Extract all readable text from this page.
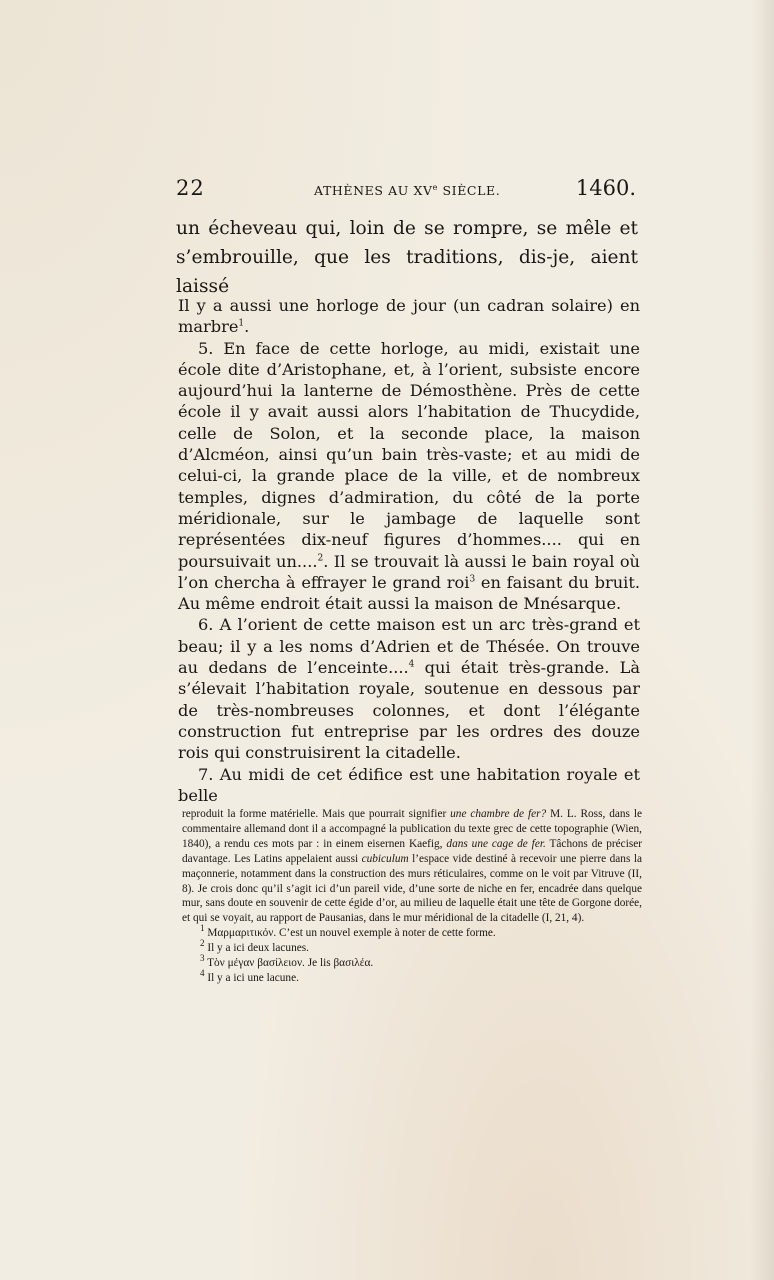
22	ATHÈNES AU XVe SIÈCLE.	1460.

un écheveau qui, loin de se rompre, se mêle et s’embrouille, que les traditions, dis-je, aient laissé

Il y a aussi une horloge de jour (un cadran solaire) en marbre$^1$.

5. En face de cette horloge, au midi, existait une école dite d’Aristophane, et, à l’orient, subsiste encore aujourd’hui la lanterne de Démosthène. Près de cette école il y avait aussi alors l’habitation de Thucydide, celle de Solon, et la seconde place, la maison d’Alcméon, ainsi qu’un bain très-vaste; et au midi de celui-ci, la grande place de la ville, et de nombreux temples, dignes d’admiration, du côté de la porte méridionale, sur le jambage de laquelle sont représentées dix-neuf figures d’hommes.... qui en poursuivait un....$^2$. Il se trouvait là aussi le bain royal où l’on chercha à effrayer le grand roi$^3$ en faisant du bruit. Au même endroit était aussi la maison de Mnésarque.

6. A l’orient de cette maison est un arc très-grand et beau; il y a les noms d’Adrien et de Thésée. On trouve au dedans de l’enceinte....$^4$ qui était très-grande. Là s’élevait l’habitation royale, soutenue en dessous par de très-nombreuses colonnes, et dont l’élégante construction fut entreprise par les ordres des douze rois qui construisirent la citadelle.

7. Au midi de cet édifice est une habitation royale et belle

reproduit la forme matérielle. Mais que pourrait signifier une chambre de fer? M. L. Ross, dans le commentaire allemand dont il a accompagné la publication du texte grec de cette topographie (Wien, 1840), a rendu ces mots par : in einem eisernen Kaefig, dans une cage de fer. Tâchons de préciser davantage. Les Latins appelaient aussi cubiculum l’espace vide destiné à recevoir une pierre dans la maçonnerie, notamment dans la construction des murs réticulaires, comme on le voit par Vitruve (II, 8). Je crois donc qu’il s’agit ici d’un pareil vide, d’une sorte de niche en fer, encadrée dans quelque mur, sans doute en souvenir de cette égide d’or, au milieu de laquelle était une tête de Gorgone dorée, et qui se voyait, au rapport de Pausanias, dans le mur méridional de la citadelle (I, 21, 4).

$^1$ Μαρμαριτικόν. C’est un nouvel exemple à noter de cette forme.

$^2$ Il y a ici deux lacunes.

$^3$ Τὸν μέγαν βασίλειον. Je lis βασιλέα.

$^4$ Il y a ici une lacune.
